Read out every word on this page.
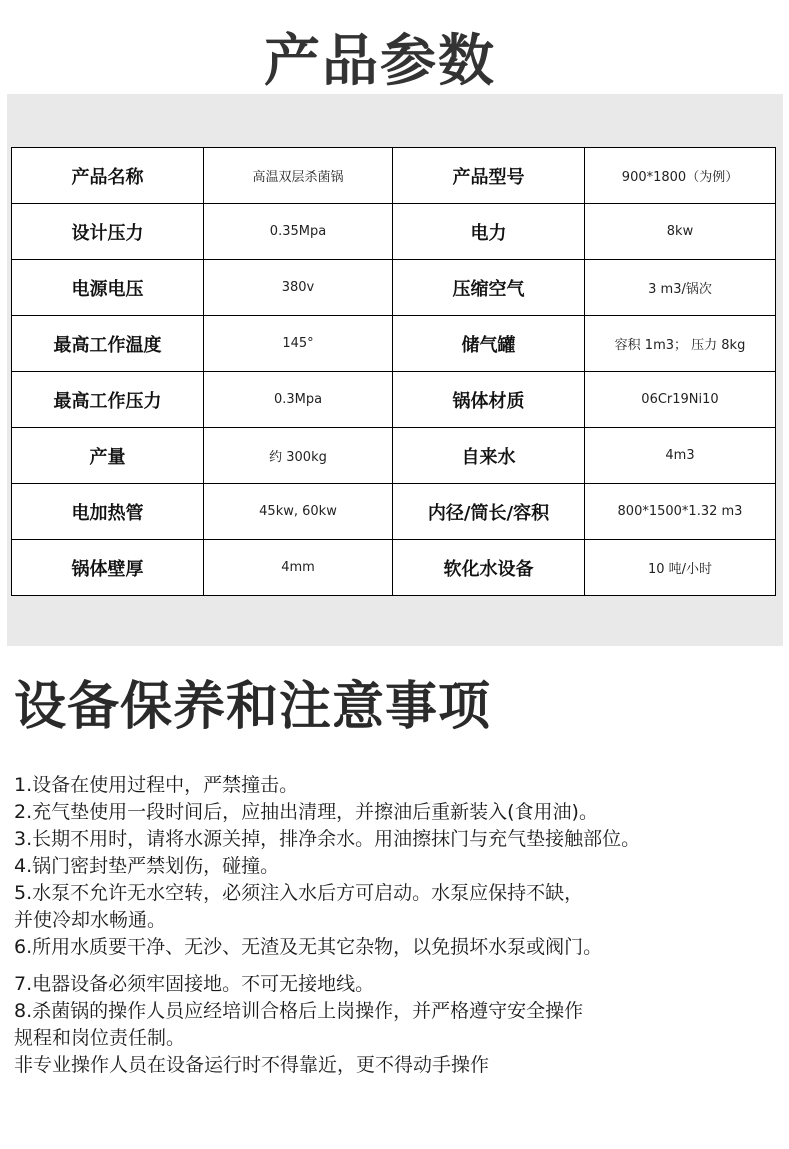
产品参数
产品名称	高温双层杀菌锅	产品型号	900*1800（为例）
设计压力	0.35Mpa	电力	8kw
电源电压	380v	压缩空气	3 m3/锅次
最高工作温度	145°	储气罐	容积 1m3； 压力 8kg
最高工作压力	0.3Mpa	锅体材质	06Cr19Ni10
产量	约 300kg	自来水	4m3
电加热管	45kw, 60kw	内径/筒长/容积	800*1500*1.32 m3
锅体壁厚	4mm	软化水设备	10 吨/小时
设备保养和注意事项
1.设备在使用过程中，严禁撞击。
2.充气垫使用一段时间后，应抽出清理，并擦油后重新装入(食用油)。
3.长期不用时，请将水源关掉，排净余水。用油擦抹门与充气垫接触部位。
4.锅门密封垫严禁划伤，碰撞。
5.水泵不允许无水空转，必须注入水后方可启动。水泵应保持不缺，
并使冷却水畅通。
6.所用水质要干净、无沙、无渣及无其它杂物，以免损坏水泵或阀门。
7.电器设备必须牢固接地。不可无接地线。
8.杀菌锅的操作人员应经培训合格后上岗操作，并严格遵守安全操作
规程和岗位责任制。
非专业操作人员在设备运行时不得靠近，更不得动手操作
